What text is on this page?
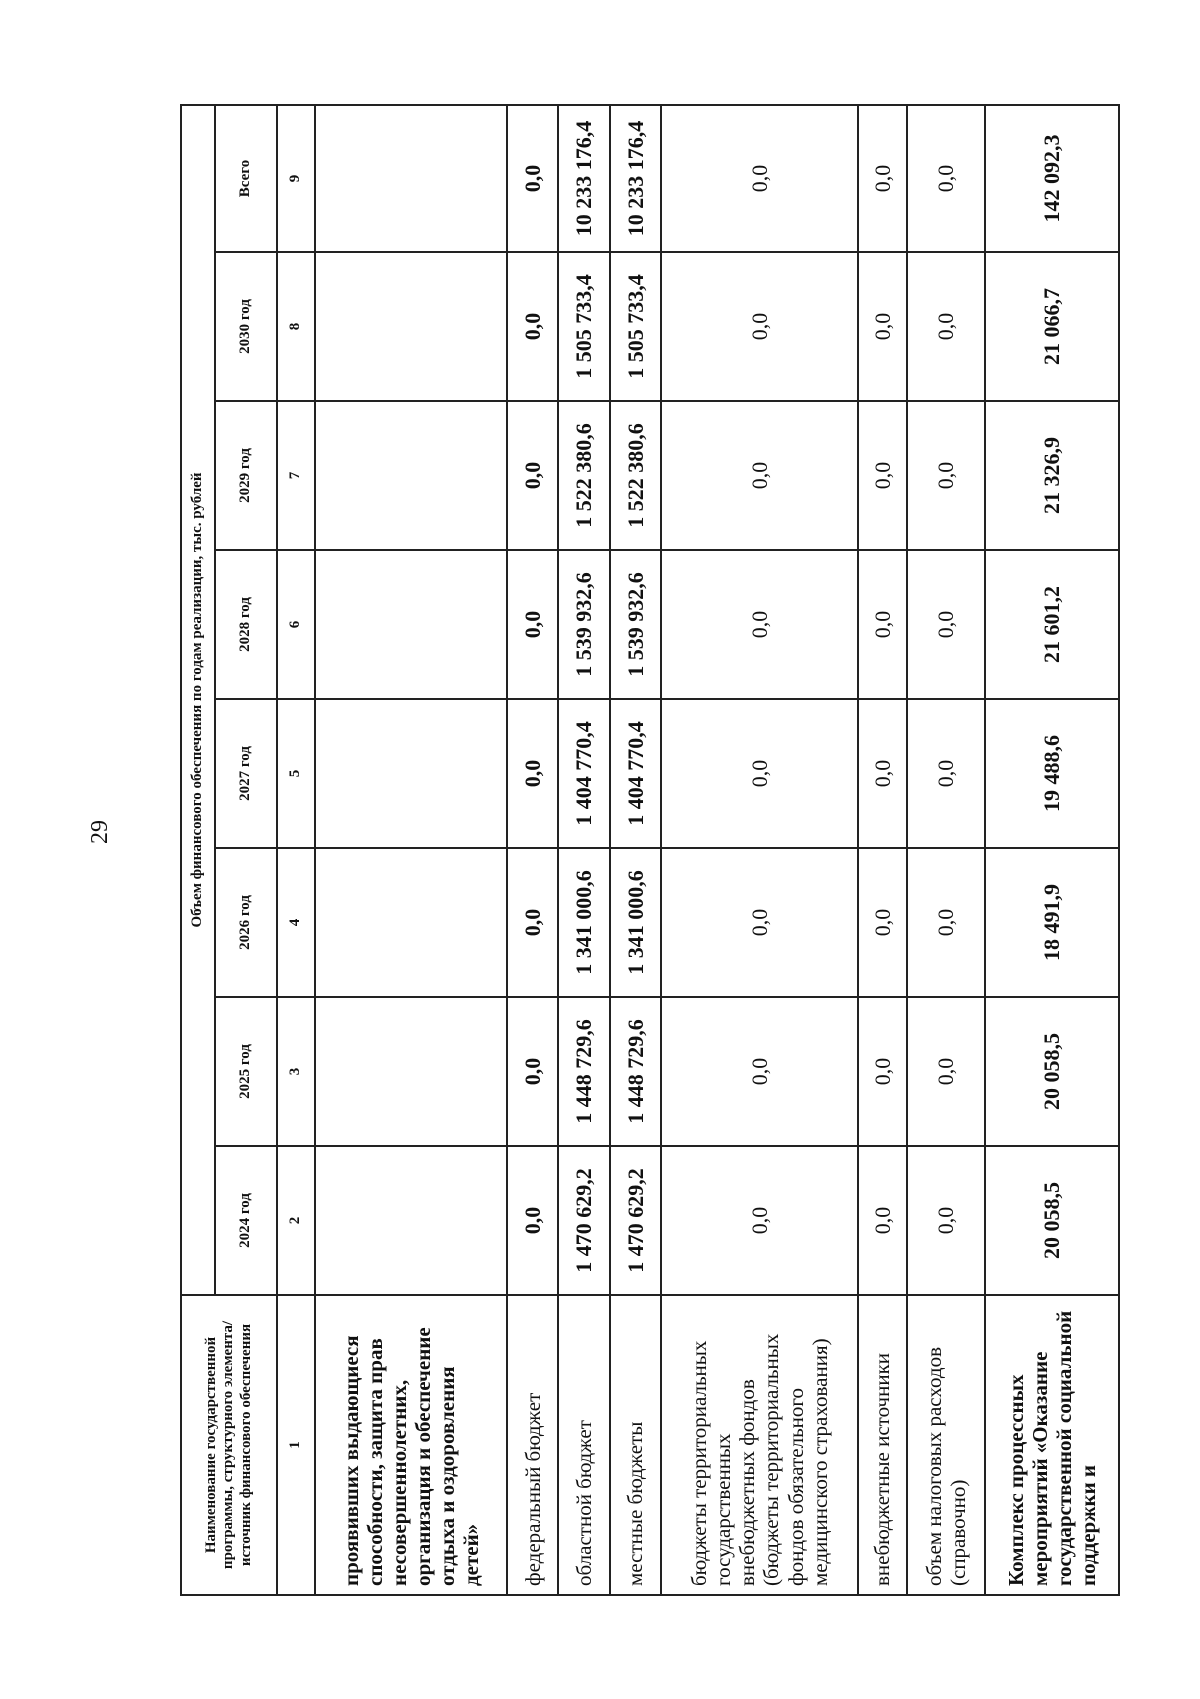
29
Наименование государственной программы, структурного элемента/источник финансового обеспечения	Объем финансового обеспечения по годам реализации, тыс. рублей							
	2024 год	2025 год	2026 год	2027 год	2028 год	2029 год	2030 год	Всего
1	2	3	4	5	6	7	8	9
проявивших выдающиеся способности, защита прав несовершеннолетних, организация и обеспечение отдыха и оздоровления детей»								
федеральный бюджет	0,0	0,0	0,0	0,0	0,0	0,0	0,0	0,0
областной бюджет	1 470 629,2	1 448 729,6	1 341 000,6	1 404 770,4	1 539 932,6	1 522 380,6	1 505 733,4	10 233 176,4
местные бюджеты	1 470 629,2	1 448 729,6	1 341 000,6	1 404 770,4	1 539 932,6	1 522 380,6	1 505 733,4	10 233 176,4
бюджеты территориальных государственных внебюджетных фондов (бюджеты территориальных фондов обязательного медицинского страхования)	0,0	0,0	0,0	0,0	0,0	0,0	0,0	0,0
внебюджетные источники	0,0	0,0	0,0	0,0	0,0	0,0	0,0	0,0
объем налоговых расходов (справочно)	0,0	0,0	0,0	0,0	0,0	0,0	0,0	0,0
Комплекс процессных мероприятий «Оказание государственной социальной поддержки и	20 058,5	20 058,5	18 491,9	19 488,6	21 601,2	21 326,9	21 066,7	142 092,3
